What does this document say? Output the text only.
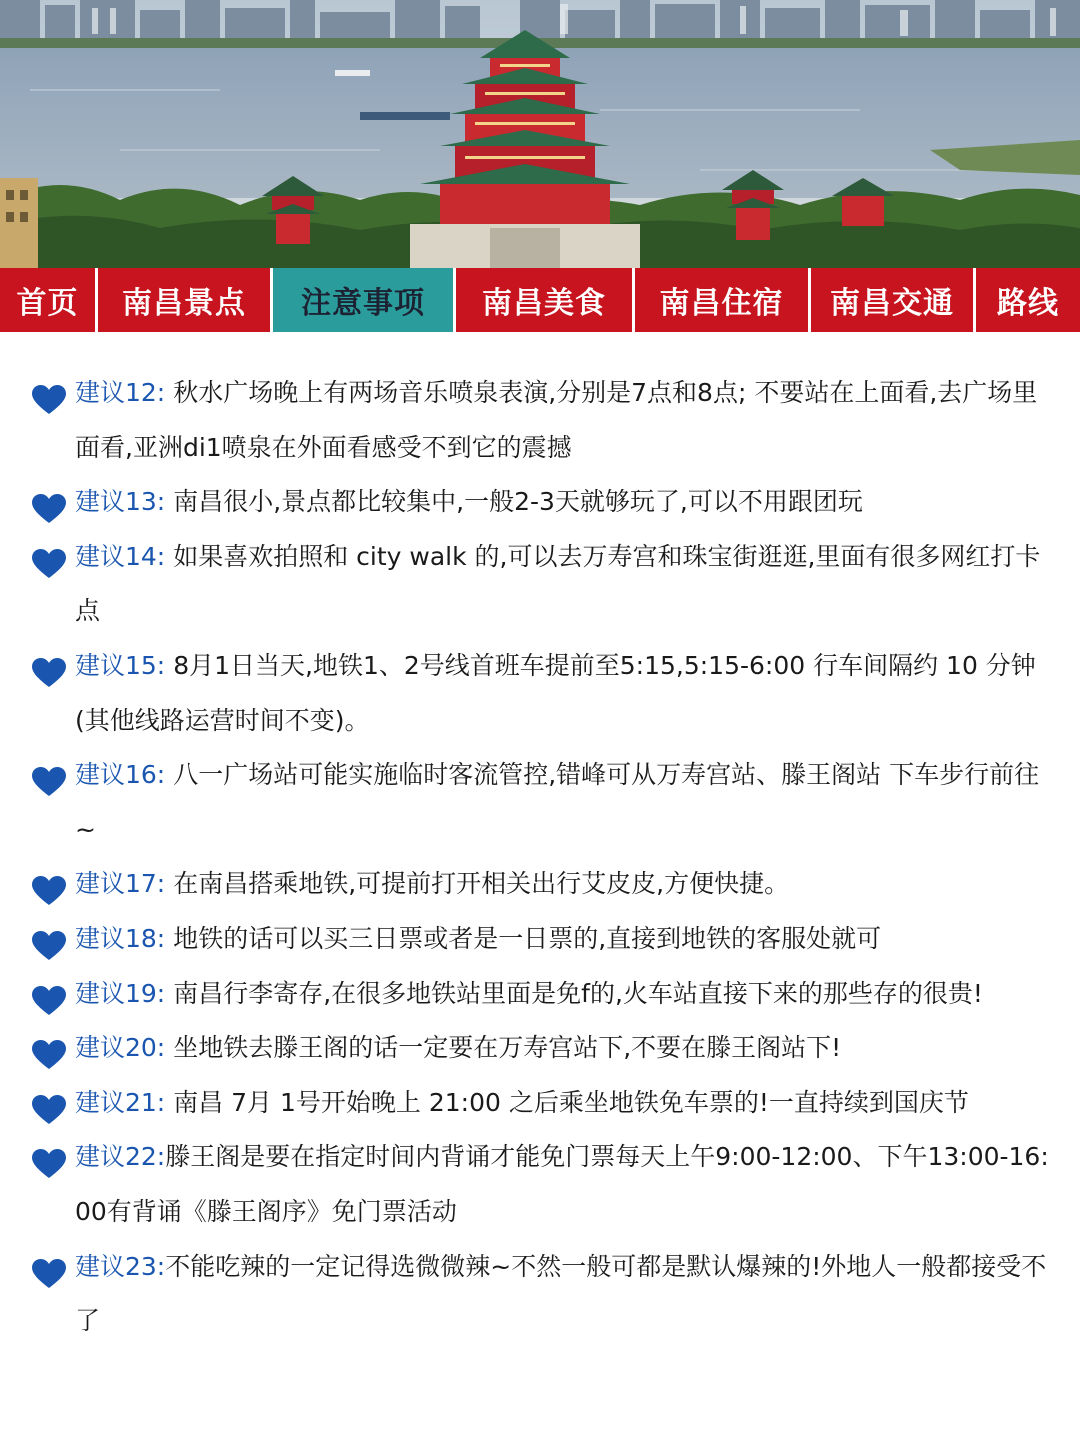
首页 南昌景点 注意事项 南昌美食 南昌住宿 南昌交通 路线
建议12: 秋水广场晚上有两场音乐喷泉表演,分别是7点和8点; 不要站在上面看,去广场里面看,亚洲di1喷泉在外面看感受不到它的震撼
建议13: 南昌很小,景点都比较集中,一般2-3天就够玩了,可以不用跟团玩
建议14: 如果喜欢拍照和 city walk 的,可以去万寿宫和珠宝街逛逛,里面有很多网红打卡点
建议15: 8月1日当天,地铁1、2号线首班车提前至5:15,5:15-6:00 行车间隔约 10 分钟(其他线路运营时间不变)。
建议16: 八一广场站可能实施临时客流管控,错峰可从万寿宫站、滕王阁站 下车步行前往~
建议17: 在南昌搭乘地铁,可提前打开相关出行艾皮皮,方便快捷。
建议18: 地铁的话可以买三日票或者是一日票的,直接到地铁的客服处就可
建议19: 南昌行李寄存,在很多地铁站里面是免f的,火车站直接下来的那些存的很贵!
建议20: 坐地铁去滕王阁的话一定要在万寿宫站下,不要在滕王阁站下!
建议21: 南昌 7月 1号开始晚上 21:00 之后乘坐地铁免车票的!一直持续到国庆节
建议22:滕王阁是要在指定时间内背诵才能免门票每天上午9:00-12:00、下午13:00-16:00有背诵《滕王阁序》免门票活动
建议23:不能吃辣的一定记得选微微辣~不然一般可都是默认爆辣的!外地人一般都接受不了
